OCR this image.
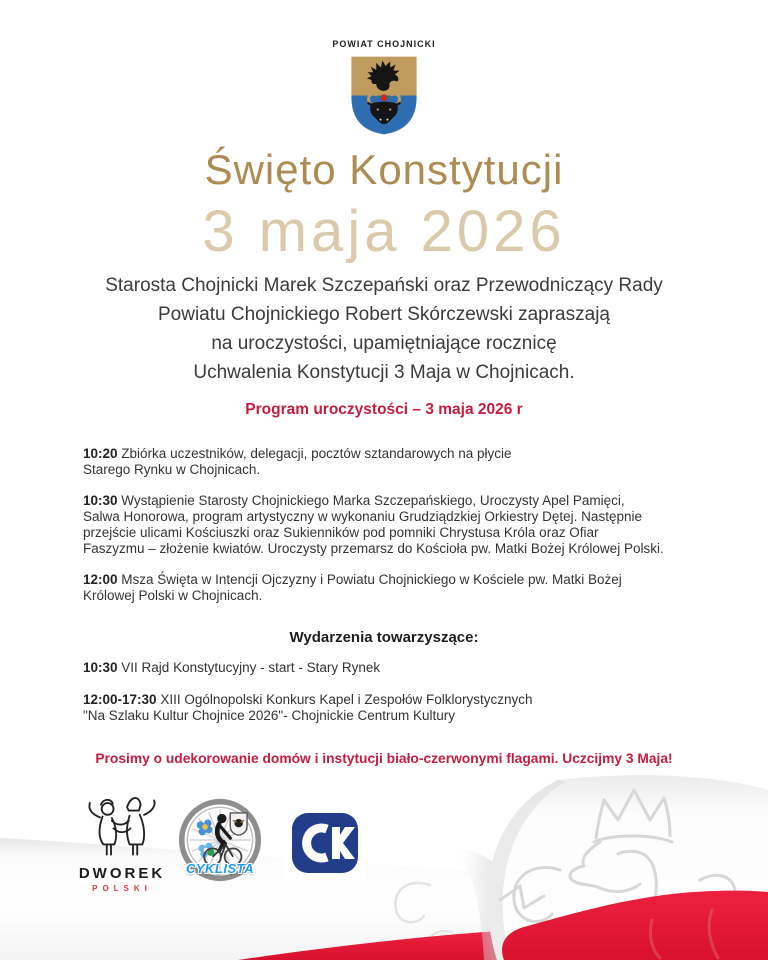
POWIAT CHOJNICKI
Święto Konstytucji
3 maja 2026
Starosta Chojnicki Marek Szczepański oraz Przewodniczący Rady
Powiatu Chojnickiego Robert Skórczewski zapraszają
na uroczystości, upamiętniające rocznicę
Uchwalenia Konstytucji 3 Maja w Chojnicach.
Program uroczystości – 3 maja 2026 r
10:20 Zbiórka uczestników, delegacji, pocztów sztandarowych na płycie
Starego Rynku w Chojnicach.
10:30 Wystąpienie Starosty Chojnickiego Marka Szczepańskiego, Uroczysty Apel Pamięci,
Salwa Honorowa, program artystyczny w wykonaniu Grudziądzkiej Orkiestry Dętej. Następnie
przejście ulicami Kościuszki oraz Sukienników pod pomniki Chrystusa Króla oraz Ofiar
Faszyzmu – złożenie kwiatów. Uroczysty przemarsz do Kościoła pw. Matki Bożej Królowej Polski.
12:00 Msza Święta w Intencji Ojczyzny i Powiatu Chojnickiego w Kościele pw. Matki Bożej
Królowej Polski w Chojnicach.
Wydarzenia towarzyszące:
10:30 VII Rajd Konstytucyjny - start - Stary Rynek
12:00-17:30 XIII Ogólnopolski Konkurs Kapel i Zespołów Folklorystycznych
"Na Szlaku Kultur Chojnice 2026"- Chojnickie Centrum Kultury
Prosimy o udekorowanie domów i instytucji biało-czerwonymi flagami. Uczcijmy 3 Maja!
DWOREK
POLSKI
CYKLISTA
